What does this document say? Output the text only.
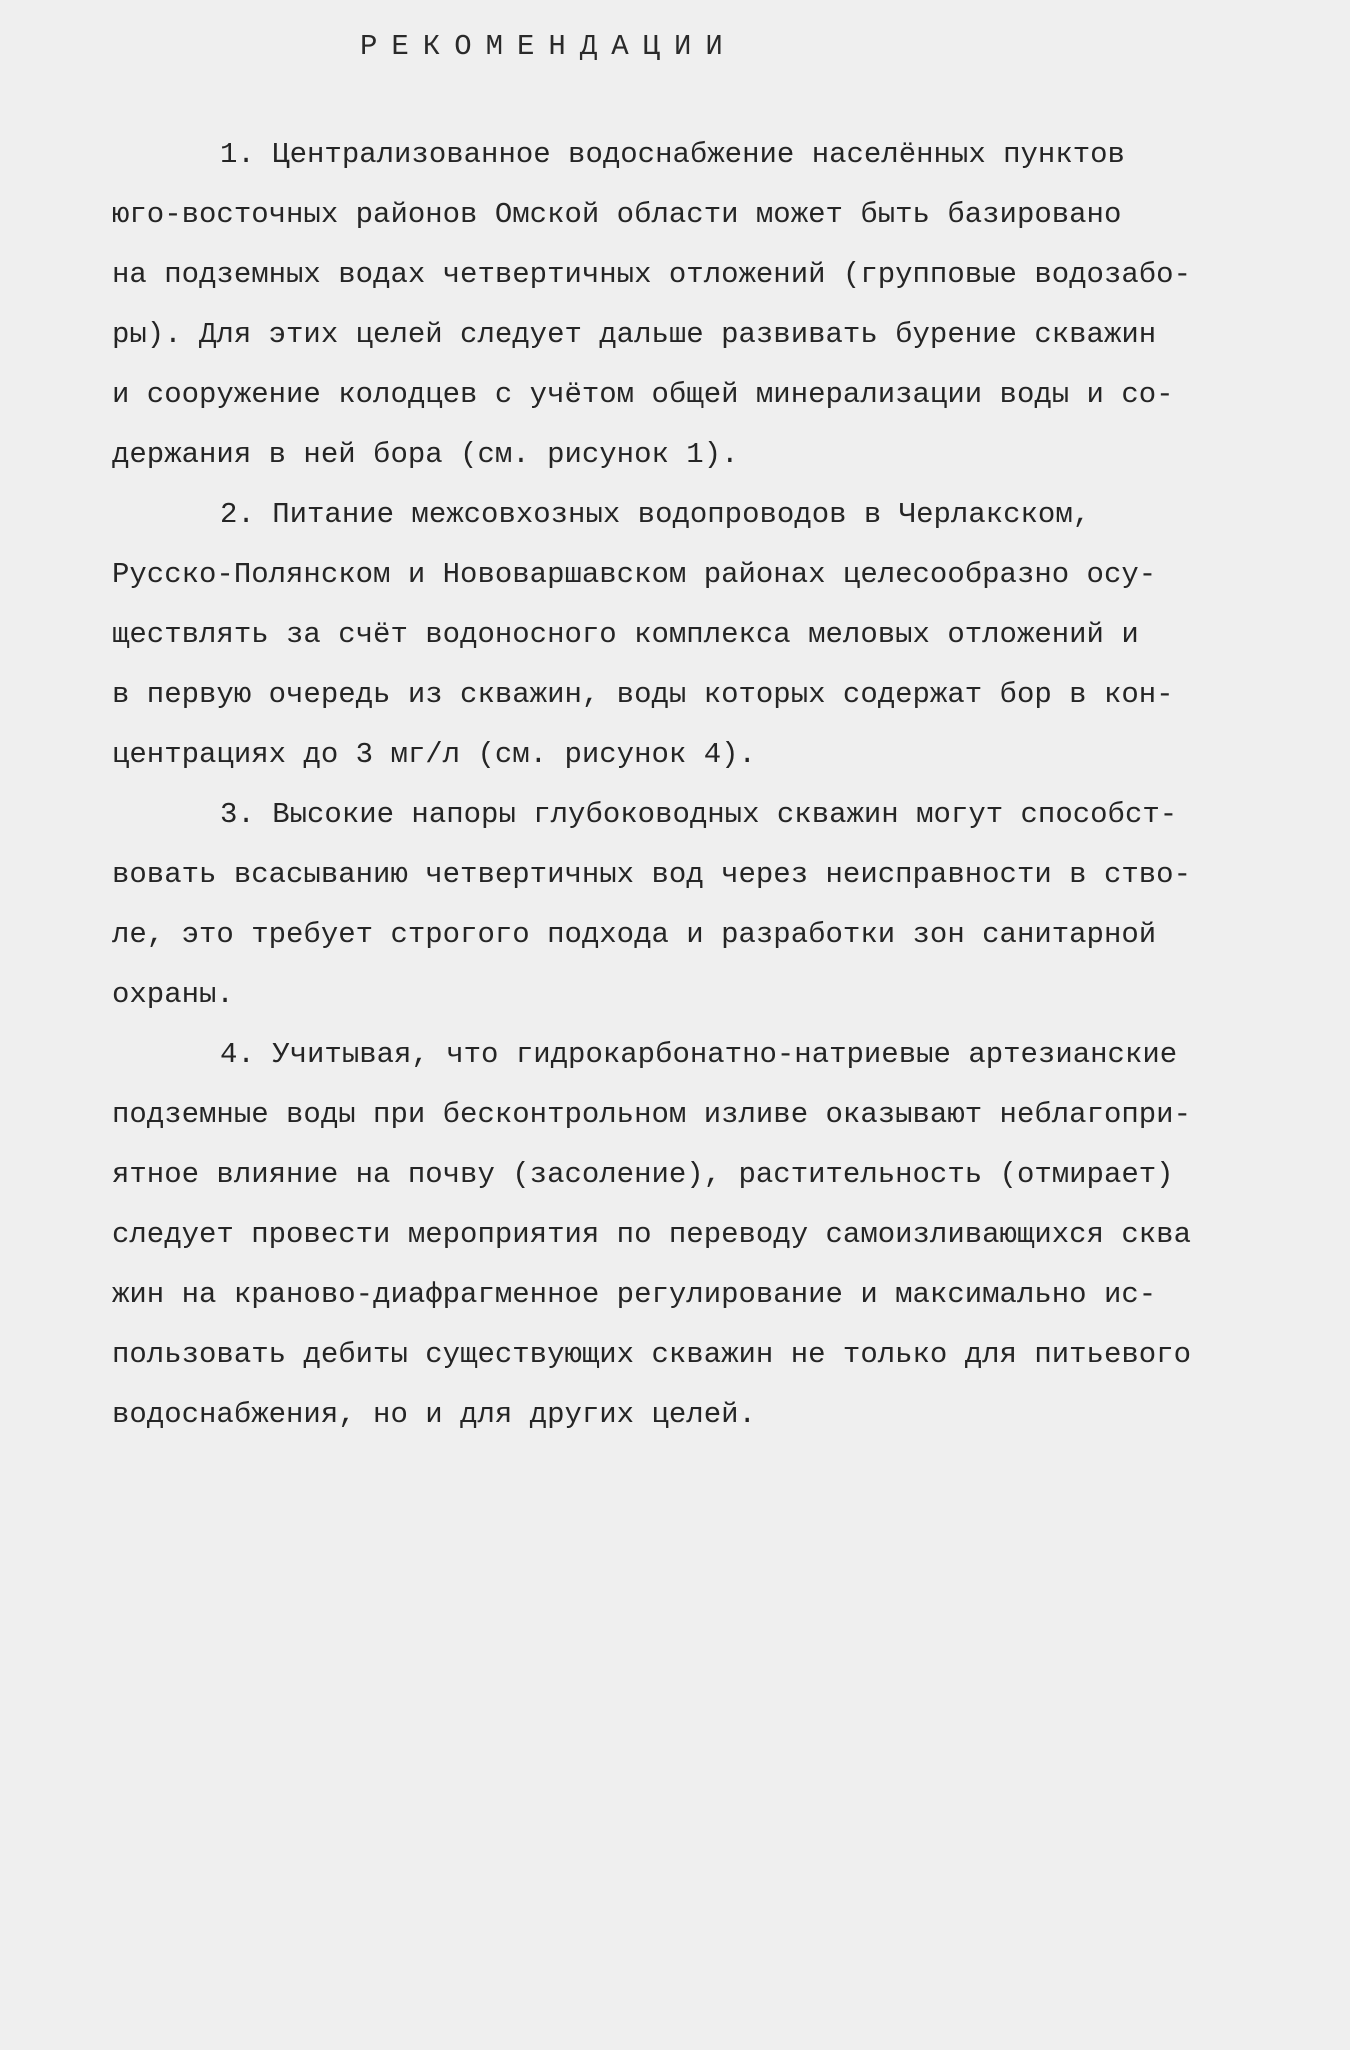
РЕКОМЕНДАЦИИ
1. Централизованное водоснабжение населённых пунктов
юго-восточных районов Омской области может быть базировано
на подземных водах четвертичных отложений (групповые водозабо-
ры). Для этих целей следует дальше развивать бурение скважин
и сооружение колодцев с учётом общей минерализации воды и со-
держания в ней бора (см. рисунок 1).
2. Питание межсовхозных водопроводов в Черлакском,
Русско-Полянском и Нововаршавском районах целесообразно осу-
ществлять за счёт водоносного комплекса меловых отложений и
в первую очередь из скважин, воды которых содержат бор в кон-
центрациях до 3 мг/л (см. рисунок 4).
3. Высокие напоры глубоководных скважин могут способст-
вовать всасыванию четвертичных вод через неисправности в ство-
ле, это требует строгого подхода и разработки зон санитарной
охраны.
4. Учитывая, что гидрокарбонатно-натриевые артезианские
подземные воды при бесконтрольном изливе оказывают неблагопри-
ятное влияние на почву (засоление), растительность (отмирает)
следует провести мероприятия по переводу самоизливающихся сква
жин на краново-диафрагменное регулирование и максимально ис-
пользовать дебиты существующих скважин не только для питьевого
водоснабжения, но и для других целей.
